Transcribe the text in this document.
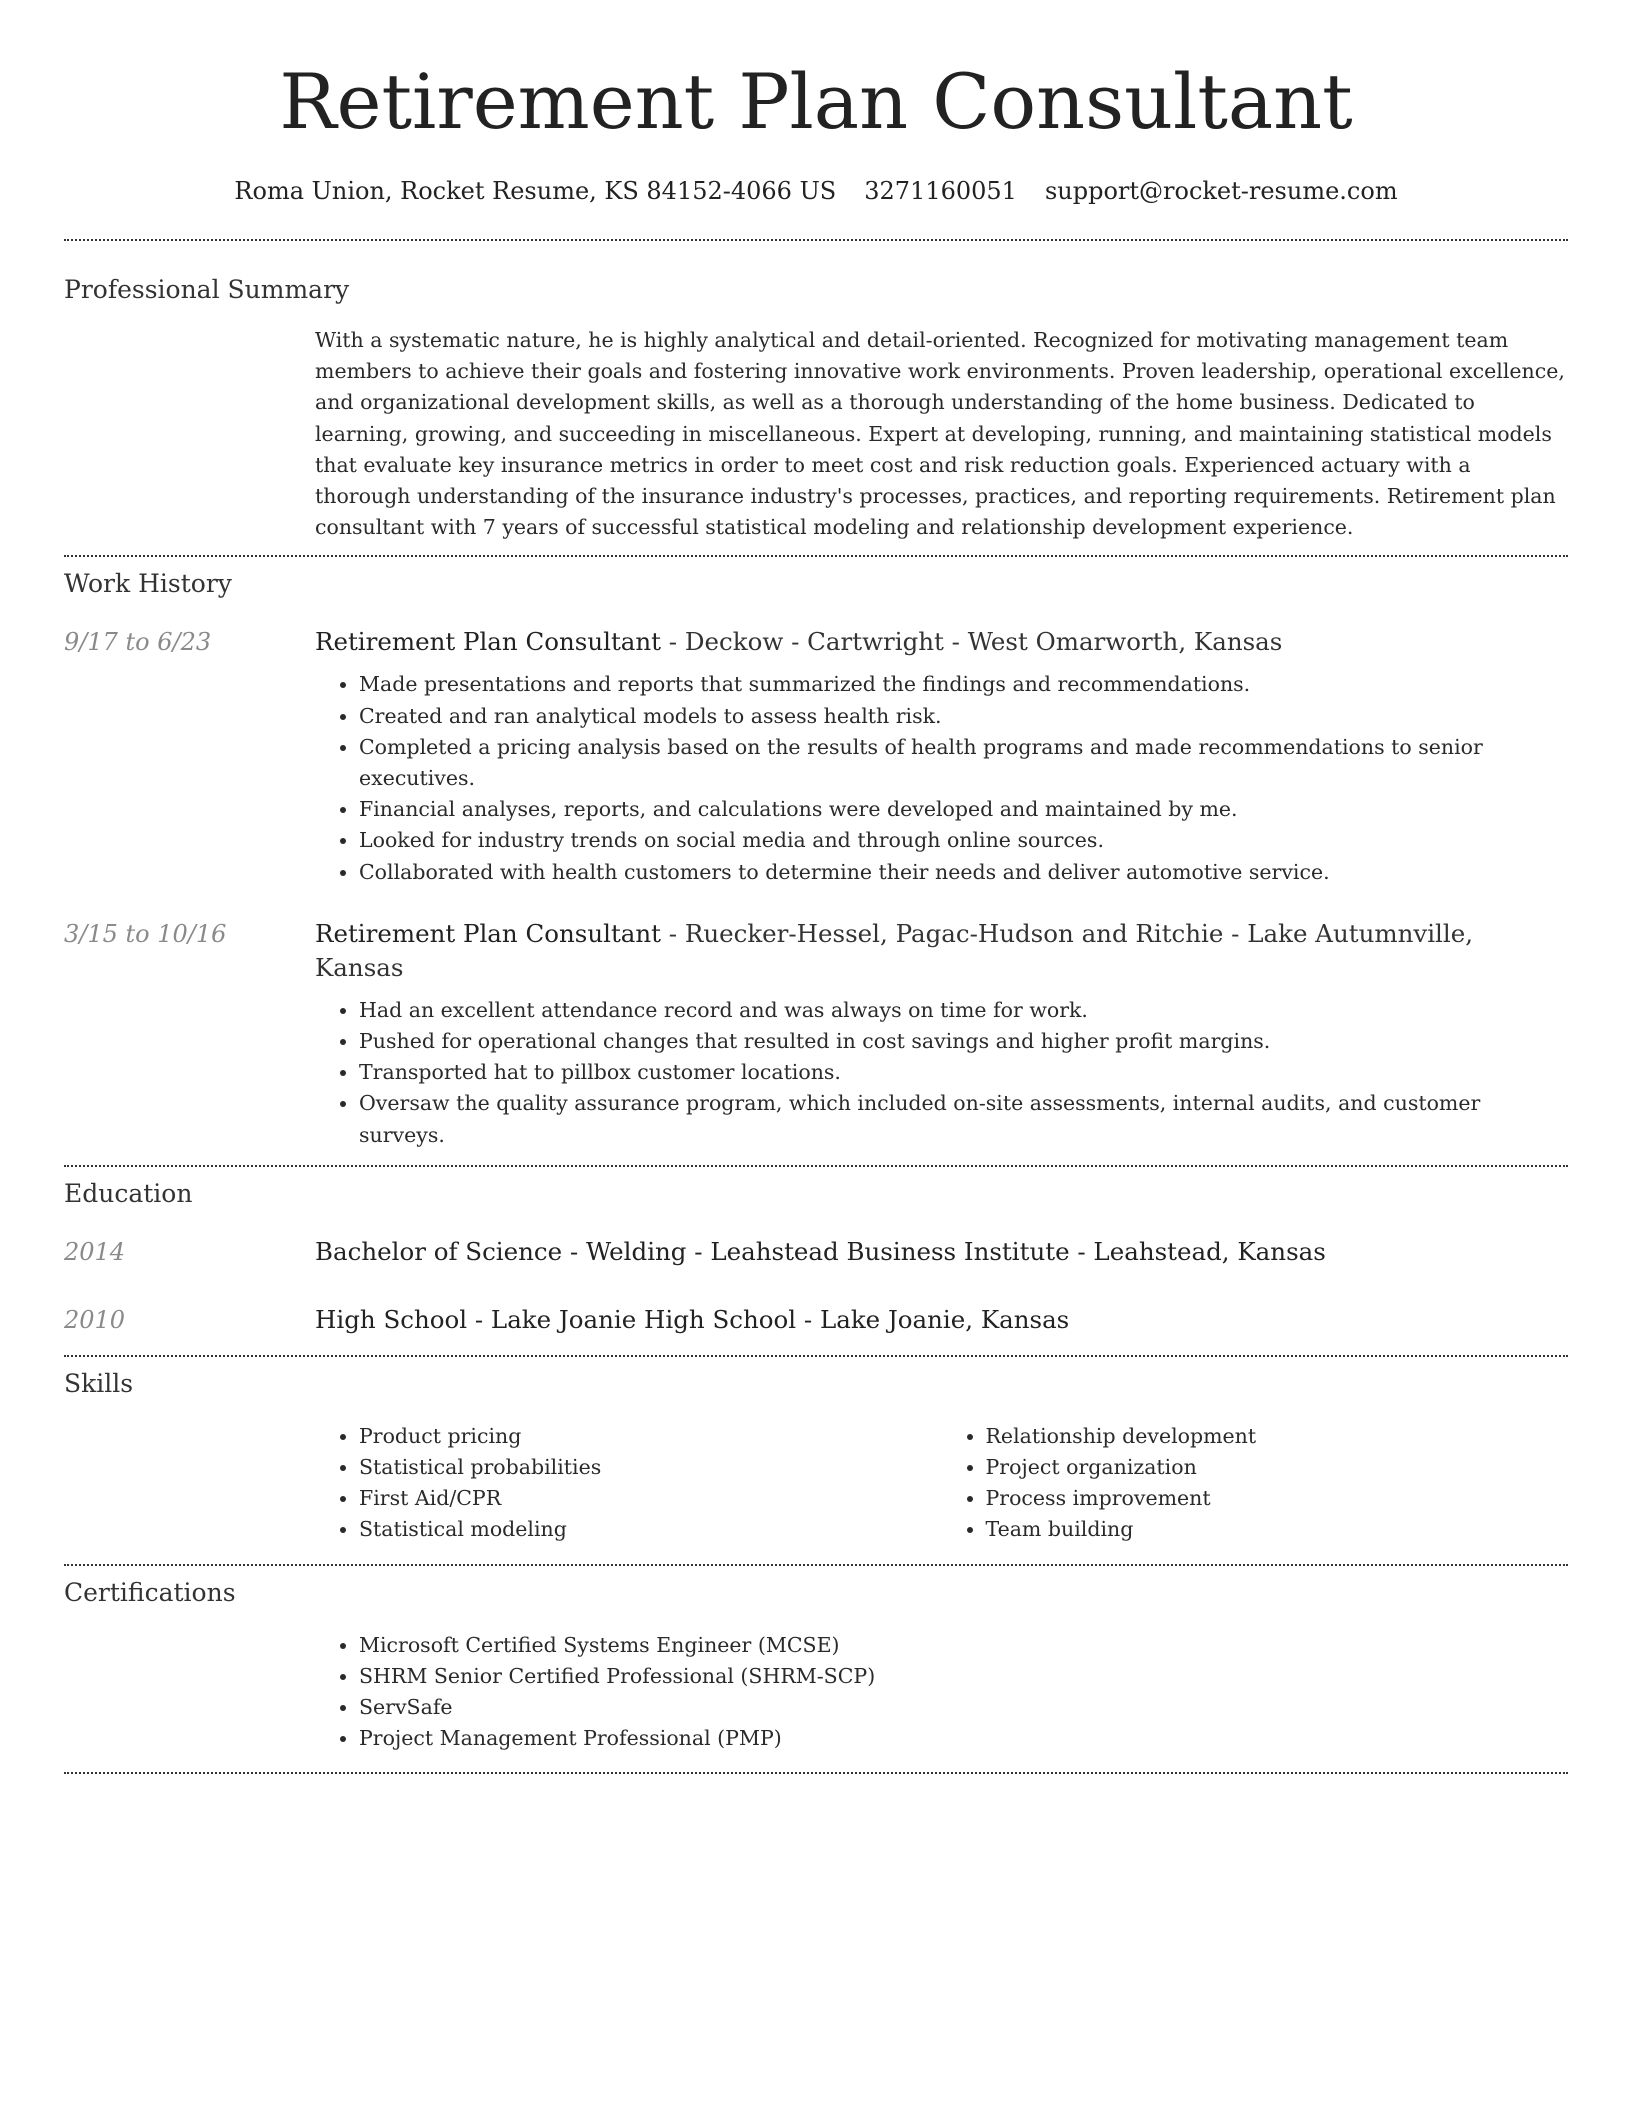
Retirement Plan Consultant
Roma Union, Rocket Resume, KS 84152-4066 US 3271160051 support@rocket-resume.com
Professional Summary
With a systematic nature, he is highly analytical and detail-oriented. Recognized for motivating management team members to achieve their goals and fostering innovative work environments. Proven leadership, operational excellence, and organizational development skills, as well as a thorough understanding of the home business. Dedicated to learning, growing, and succeeding in miscellaneous. Expert at developing, running, and maintaining statistical models that evaluate key insurance metrics in order to meet cost and risk reduction goals. Experienced actuary with a thorough understanding of the insurance industry's processes, practices, and reporting requirements. Retirement plan consultant with 7 years of successful statistical modeling and relationship development experience.
Work History
9/17 to 6/23	Retirement Plan Consultant - Deckow - Cartwright - West Omarworth, Kansas
• Made presentations and reports that summarized the findings and recommendations.
• Created and ran analytical models to assess health risk.
• Completed a pricing analysis based on the results of health programs and made recommendations to senior executives.
• Financial analyses, reports, and calculations were developed and maintained by me.
• Looked for industry trends on social media and through online sources.
• Collaborated with health customers to determine their needs and deliver automotive service.
3/15 to 10/16	Retirement Plan Consultant - Ruecker-Hessel, Pagac-Hudson and Ritchie - Lake Autumnville, Kansas
• Had an excellent attendance record and was always on time for work.
• Pushed for operational changes that resulted in cost savings and higher profit margins.
• Transported hat to pillbox customer locations.
• Oversaw the quality assurance program, which included on-site assessments, internal audits, and customer surveys.
Education
2014	Bachelor of Science - Welding - Leahstead Business Institute - Leahstead, Kansas
2010	High School - Lake Joanie High School - Lake Joanie, Kansas
Skills
• Product pricing
• Statistical probabilities
• First Aid/CPR
• Statistical modeling
• Relationship development
• Project organization
• Process improvement
• Team building
Certifications
• Microsoft Certified Systems Engineer (MCSE)
• SHRM Senior Certified Professional (SHRM-SCP)
• ServSafe
• Project Management Professional (PMP)
